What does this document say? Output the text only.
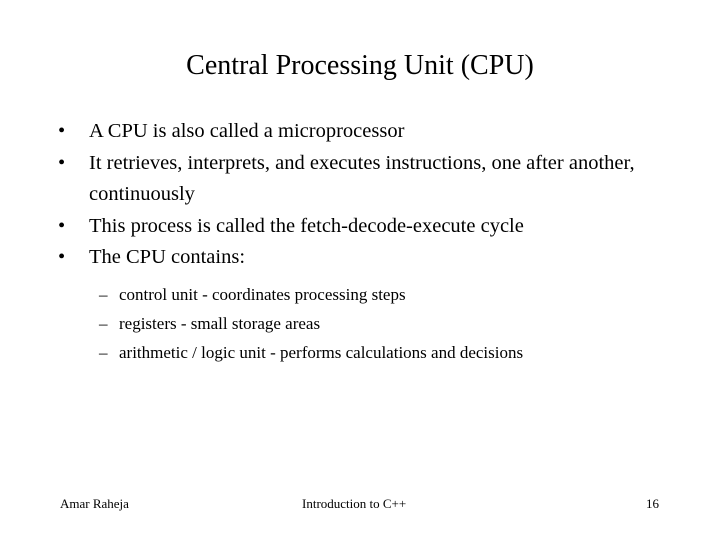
Central Processing Unit (CPU)
•	A CPU is also called a microprocessor
•	It retrieves, interprets, and executes instructions, one after another, continuously
•	This process is called the fetch-decode-execute cycle
•	The CPU contains:
– control unit - coordinates processing steps
– registers - small storage areas
– arithmetic / logic unit - performs calculations and decisions
Amar Raheja	Introduction to C++	16
